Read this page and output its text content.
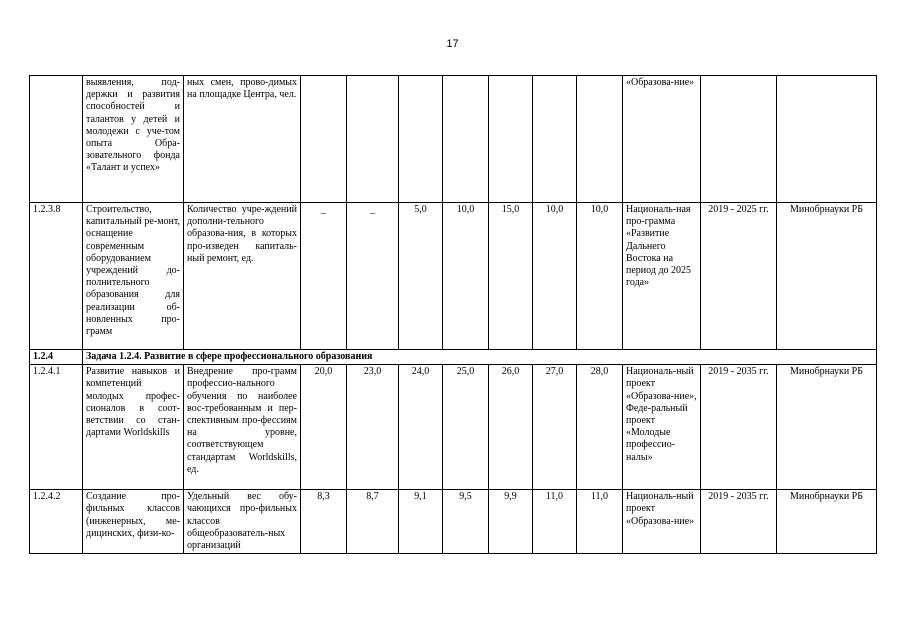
17
	выявления, под-держки и развития способностей и талантов у детей и молодежи с уче-том опыта Обра-зовательного фонда «Талант и успех»	ных смен, прово-димых на площадке Центра, чел.								«Образова-ние»		
1.2.3.8	Строительство, капитальный ре-монт, оснащение современным оборудованием учреждений до-полнительного образования для реализации об-новленных про-грамм	Количество учре-ждений дополни-тельного образова-ния, в которых про-изведен капиталь-ный ремонт, ед.	_	_	5,0	10,0	15,0	10,0	10,0	Националь-ная про-грамма «Развитие Дальнего Востока на период до 2025 года»	2019 - 2025 гг.	Минобрнауки РБ
1.2.4	Задача 1.2.4. Развитие в сфере профессионального образования											
1.2.4.1	Развитие навыков и компетенций молодых профес-сионалов в соот-ветствии со стан-дартами Worldskills	Внедрение про-грамм профессио-нального обучения по наиболее вос-требованным и пер-спективным про-фессиям на уровне, соответствующем стандартам Worldskills, ед.	20,0	23,0	24,0	25,0	26,0	27,0	28,0	Националь-ный проект «Образова-ние», Феде-ральный проект «Молодые профессио-налы»	2019 - 2035 гг.	Минобрнауки РБ
1.2.4.2	Создание про-фильных классов (инженерных, ме-дицинских, физи-ко-	Удельный вес обу-чающихся про-фильных классов общеобразователь-ных организаций	8,3	8,7	9,1	9,5	9,9	11,0	11,0	Националь-ный проект «Образова-ние»	2019 - 2035 гг.	Минобрнауки РБ
